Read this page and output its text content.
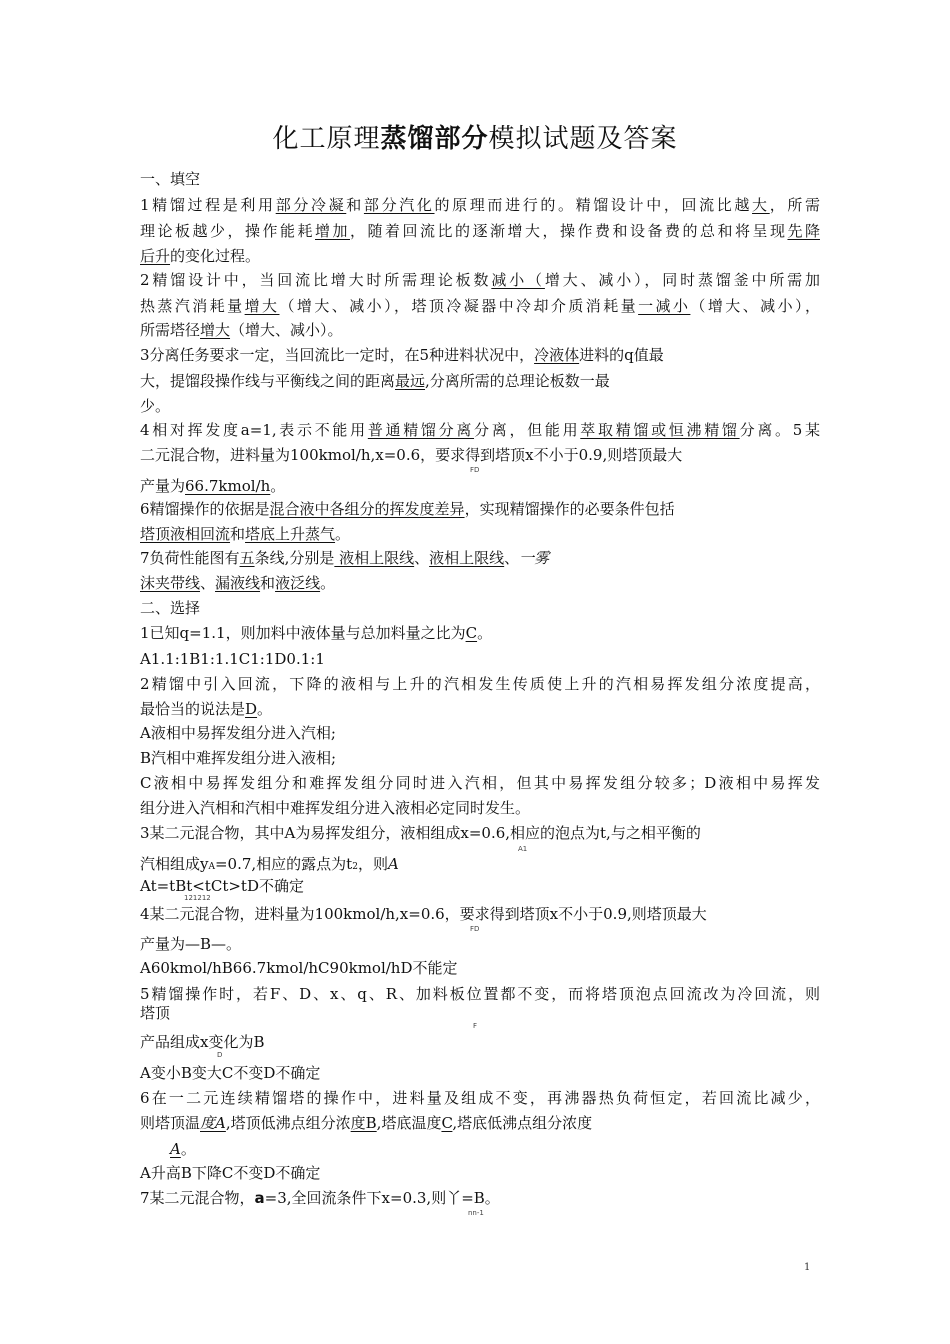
化工原理蒸馏部分模拟试题及答案
一、填空
1精馏过程是利用部分冷凝和部分汽化的原理而进行的。精馏设计中，回流比越大，所需
理论板越少，操作能耗增加，随着回流比的逐渐增大，操作费和设备费的总和将呈现先降
后升的变化过程。
2精馏设计中，当回流比增大时所需理论板数减小（增大、减小），同时蒸馏釜中所需加
热蒸汽消耗量增大（增大、减小），塔顶冷凝器中冷却介质消耗量一减小（增大、减小），
所需塔径增大（增大、减小）。
3分离任务要求一定，当回流比一定时，在5种进料状况中，冷液体进料的q值最
大，提馏段操作线与平衡线之间的距离最远,分离所需的总理论板数一最
少。
4相对挥发度a=1,表示不能用普通精馏分离分离，但能用萃取精馏或恒沸精馏分离。5某
二元混合物，进料量为100kmol/h,x=0.6，要求得到塔顶x不小于0.9,则塔顶最大
FD
产量为66.7kmol/h。
6精馏操作的依据是混合液中各组分的挥发度差异，实现精馏操作的必要条件包括
塔顶液相回流和塔底上升蒸气。
7负荷性能图有五条线,分别是 液相上限线、液相上限线、一雾
沫夹带线、漏液线和液泛线。
二、选择
1已知q=1.1，则加料中液体量与总加料量之比为C。
A1.1:1B1:1.1C1:1D0.1:1
2精馏中引入回流，下降的液相与上升的汽相发生传质使上升的汽相易挥发组分浓度提高，
最恰当的说法是D。
A液相中易挥发组分进入汽相;
B汽相中难挥发组分进入液相;
C液相中易挥发组分和难挥发组分同时进入汽相，但其中易挥发组分较多；D液相中易挥发
组分进入汽相和汽相中难挥发组分进入液相必定同时发生。
3某二元混合物，其中A为易挥发组分，液相组成x=0.6,相应的泡点为t,与之相平衡的
A1
汽相组成yA=0.7,相应的露点为t2，则A
At=tBt<tCt>tD不确定
121212
4某二元混合物，进料量为100kmol/h,x=0.6，要求得到塔顶x不小于0.9,则塔顶最大
FD
产量为—B—。
A60kmol/hB66.7kmol/hC90kmol/hD不能定
5精馏操作时，若F、D、x、q、R、加料板位置都不变，而将塔顶泡点回流改为冷回流，则
塔顶
F
产品组成x变化为B
D
A变小B变大C不变D不确定
6在一二元连续精馏塔的操作中，进料量及组成不变，再沸器热负荷恒定，若回流比减少，
则塔顶温度A,塔顶低沸点组分浓度B,塔底温度C,塔底低沸点组分浓度
A。
A升高B下降C不变D不确定
7某二元混合物，a=3,全回流条件下x=0.3,则丫=B。
nn-1
1
